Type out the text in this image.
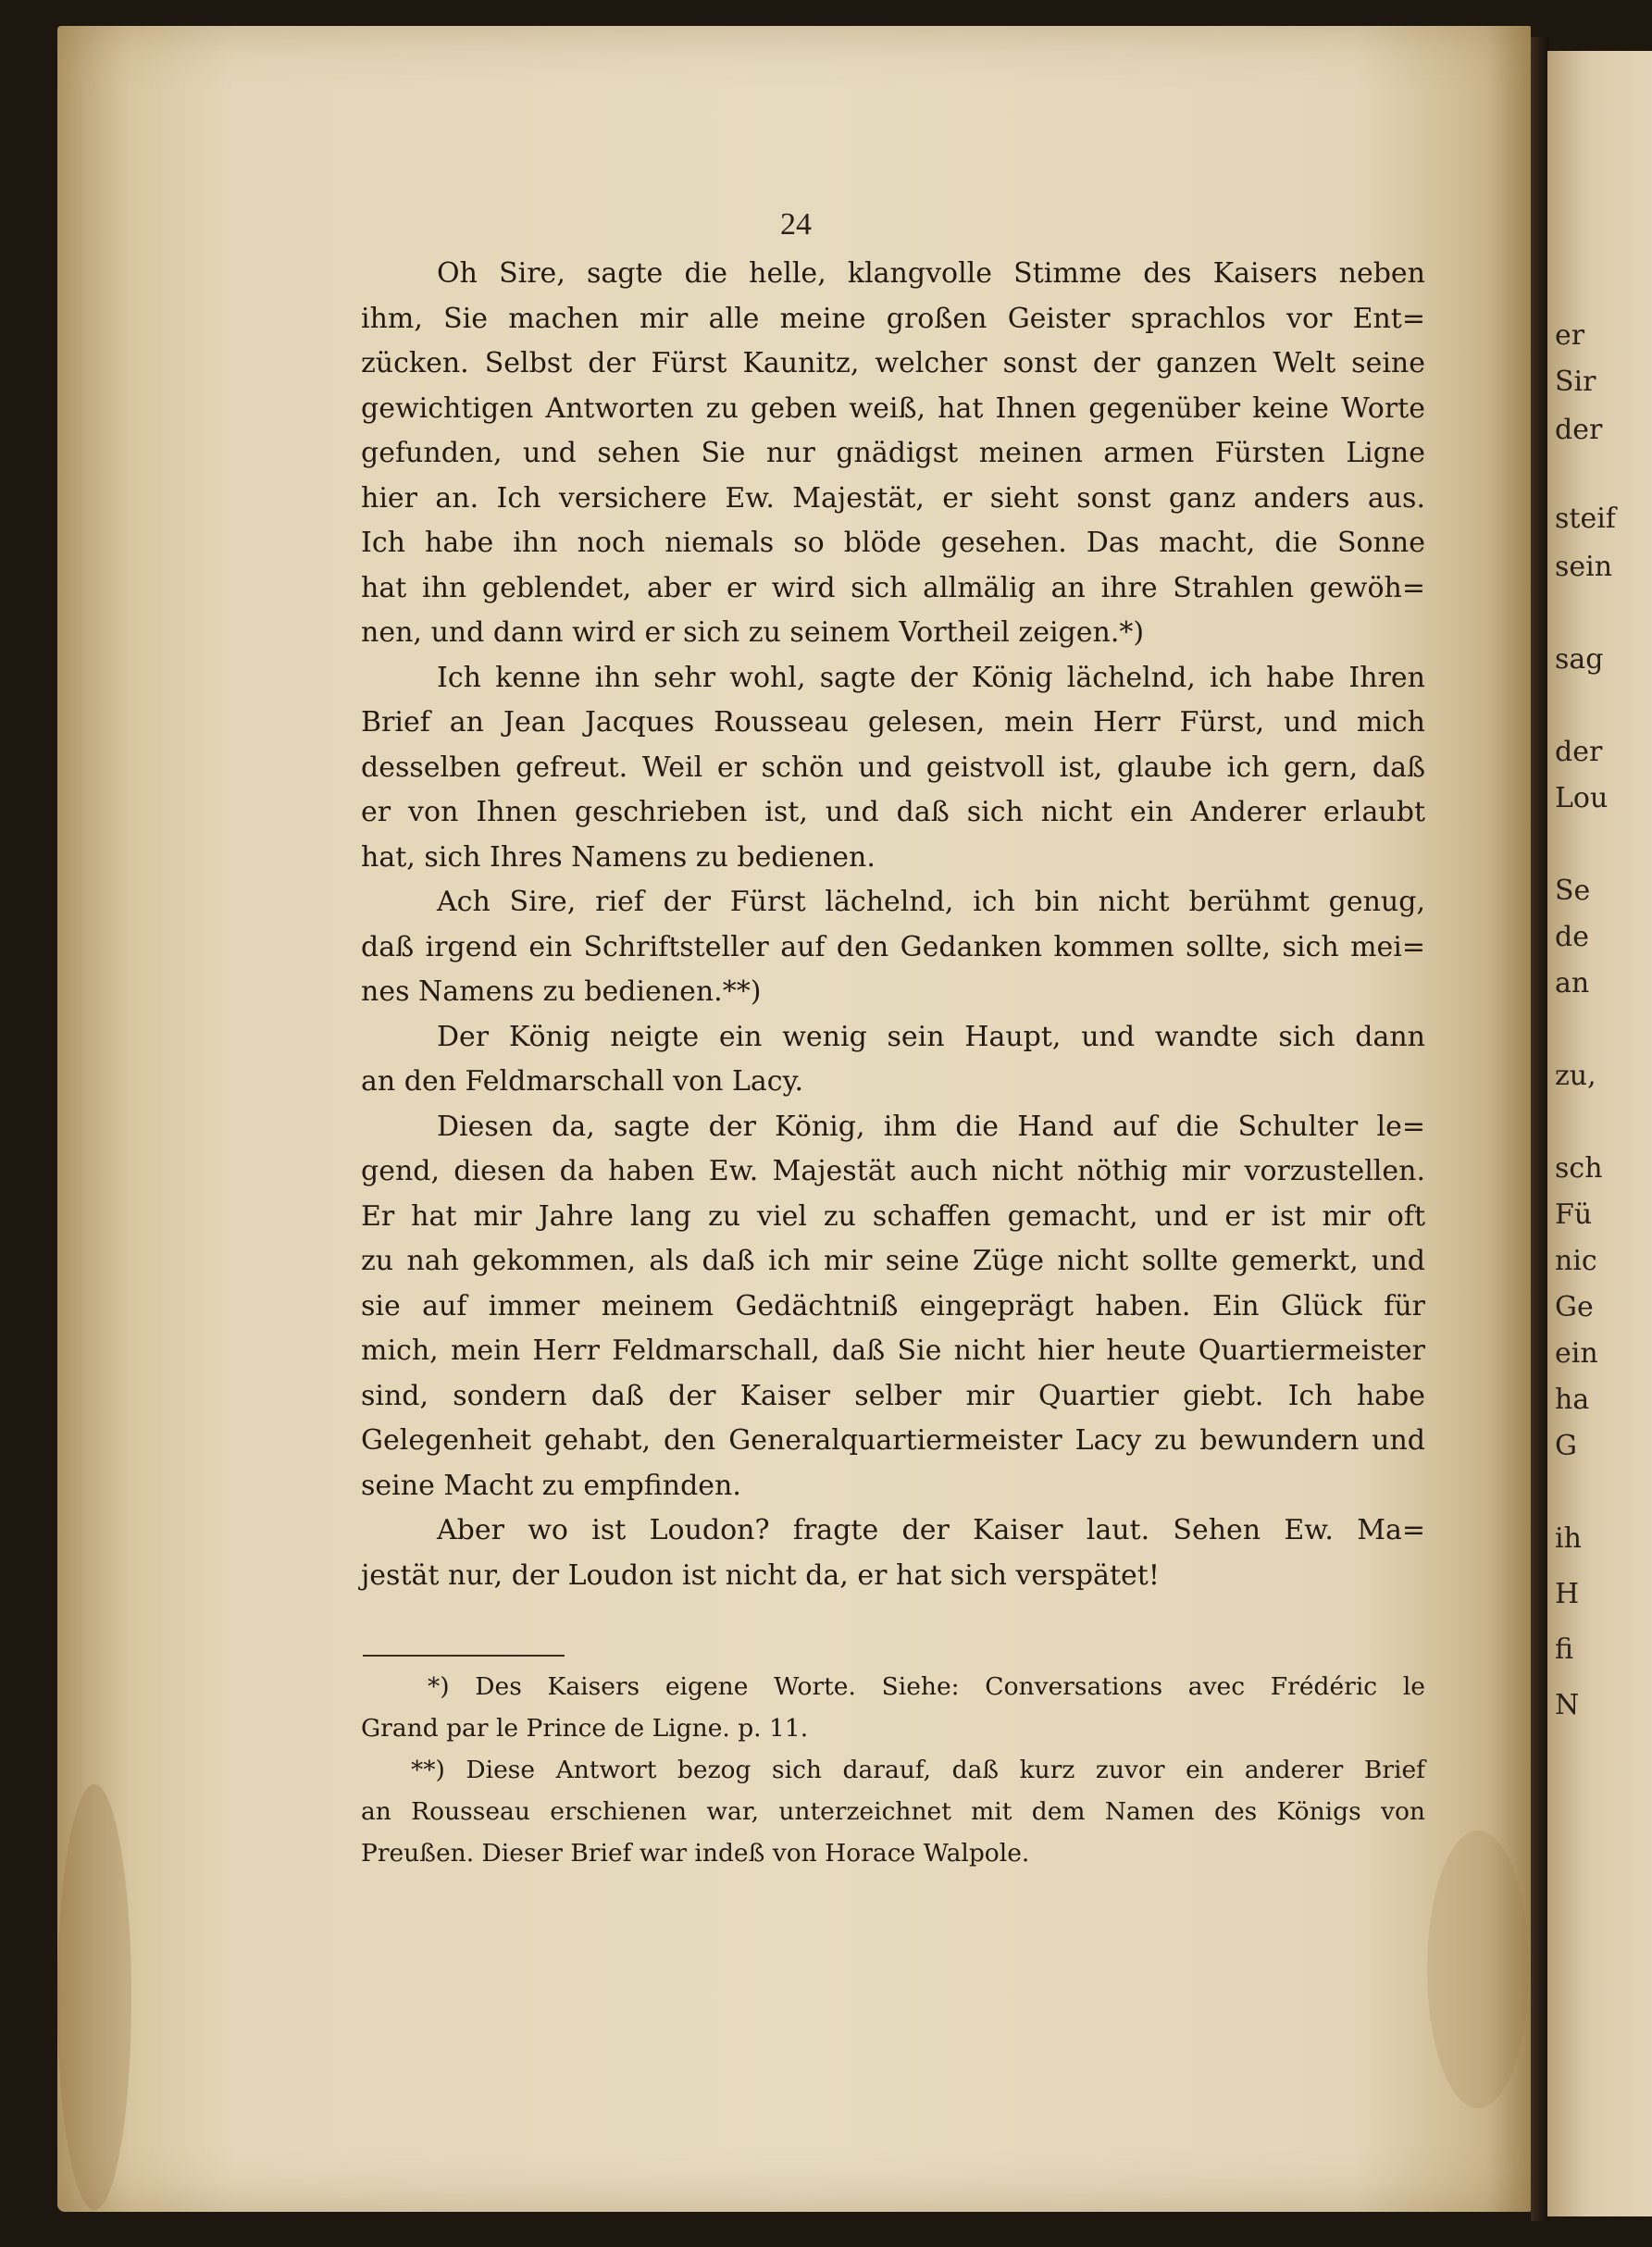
er
Sir
der
steif
sein
sag
der
Lou
Se
de
an
zu,
sch
Fü
nic
Ge
ein
ha
G
ih
H
fi
N
24
Oh Sire, sagte die helle, klangvolle Stimme des Kaisers neben
ihm, Sie machen mir alle meine großen Geister sprachlos vor Ent=
zücken. Selbst der Fürst Kaunitz, welcher sonst der ganzen Welt seine
gewichtigen Antworten zu geben weiß, hat Ihnen gegenüber keine Worte
gefunden, und sehen Sie nur gnädigst meinen armen Fürsten Ligne
hier an. Ich versichere Ew. Majestät, er sieht sonst ganz anders aus.
Ich habe ihn noch niemals so blöde gesehen. Das macht, die Sonne
hat ihn geblendet, aber er wird sich allmälig an ihre Strahlen gewöh=
nen, und dann wird er sich zu seinem Vortheil zeigen.*)
Ich kenne ihn sehr wohl, sagte der König lächelnd, ich habe Ihren
Brief an Jean Jacques Rousseau gelesen, mein Herr Fürst, und mich
desselben gefreut. Weil er schön und geistvoll ist, glaube ich gern, daß
er von Ihnen geschrieben ist, und daß sich nicht ein Anderer erlaubt
hat, sich Ihres Namens zu bedienen.
Ach Sire, rief der Fürst lächelnd, ich bin nicht berühmt genug,
daß irgend ein Schriftsteller auf den Gedanken kommen sollte, sich mei=
nes Namens zu bedienen.**)
Der König neigte ein wenig sein Haupt, und wandte sich dann
an den Feldmarschall von Lacy.
Diesen da, sagte der König, ihm die Hand auf die Schulter le=
gend, diesen da haben Ew. Majestät auch nicht nöthig mir vorzustellen.
Er hat mir Jahre lang zu viel zu schaffen gemacht, und er ist mir oft
zu nah gekommen, als daß ich mir seine Züge nicht sollte gemerkt, und
sie auf immer meinem Gedächtniß eingeprägt haben. Ein Glück für
mich, mein Herr Feldmarschall, daß Sie nicht hier heute Quartiermeister
sind, sondern daß der Kaiser selber mir Quartier giebt. Ich habe
Gelegenheit gehabt, den Generalquartiermeister Lacy zu bewundern und
seine Macht zu empfinden.
Aber wo ist Loudon? fragte der Kaiser laut. Sehen Ew. Ma=
jestät nur, der Loudon ist nicht da, er hat sich verspätet!
*) Des Kaisers eigene Worte. Siehe: Conversations avec Frédéric le
Grand par le Prince de Ligne. p. 11.
**) Diese Antwort bezog sich darauf, daß kurz zuvor ein anderer Brief
an Rousseau erschienen war, unterzeichnet mit dem Namen des Königs von
Preußen. Dieser Brief war indeß von Horace Walpole.
